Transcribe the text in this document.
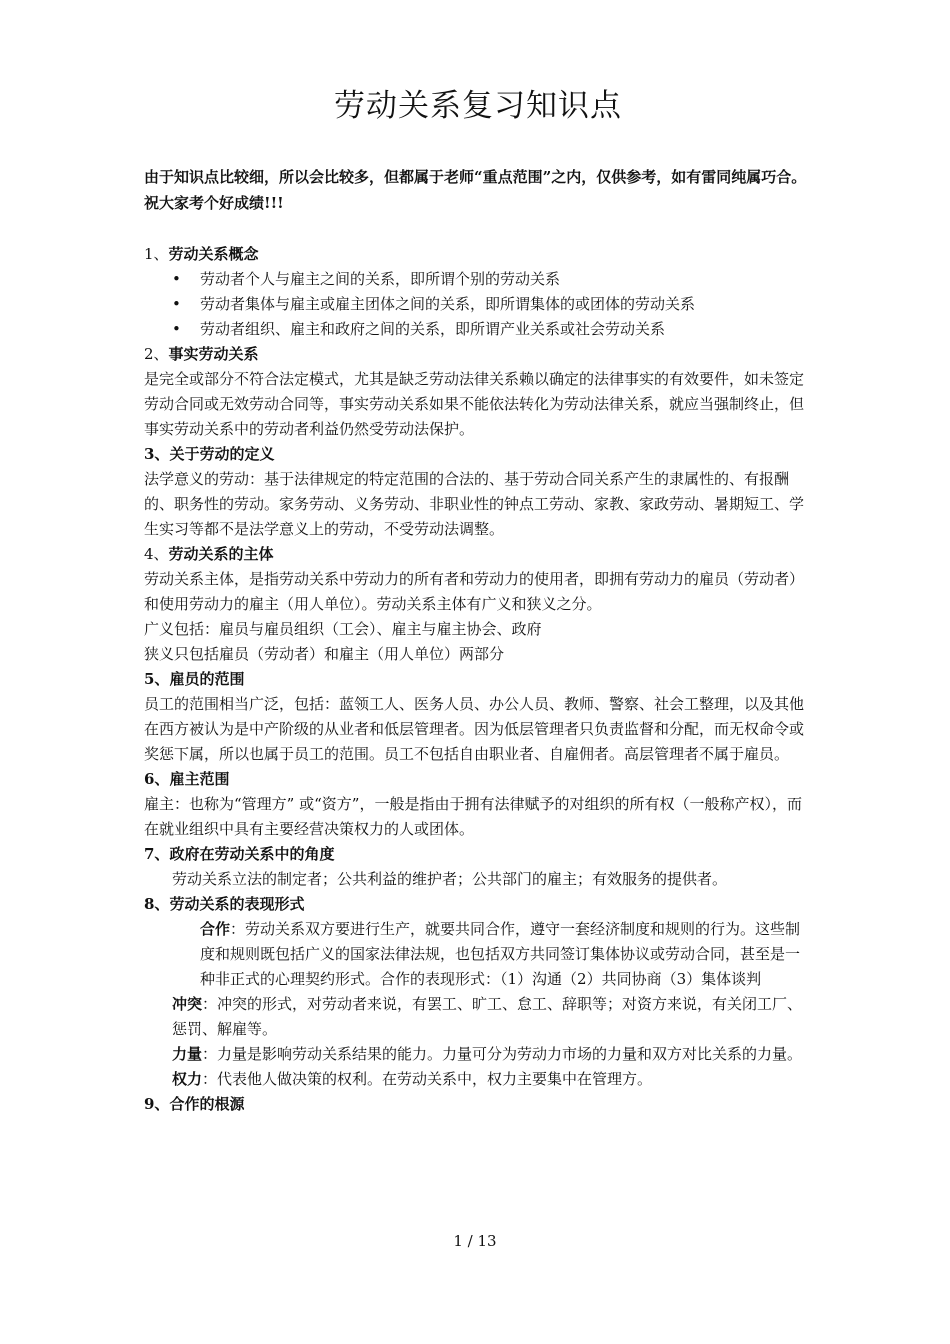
劳动关系复习知识点

由于知识点比较细，所以会比较多，但都属于老师“重点范围”之内，仅供参考，如有雷同纯属巧合。祝大家考个好成绩!!!

1、劳动关系概念

• 劳动者个人与雇主之间的关系，即所谓个别的劳动关系
• 劳动者集体与雇主或雇主团体之间的关系，即所谓集体的或团体的劳动关系
• 劳动者组织、雇主和政府之间的关系，即所谓产业关系或社会劳动关系

2、事实劳动关系

是完全或部分不符合法定模式，尤其是缺乏劳动法律关系赖以确定的法律事实的有效要件，如未签定劳动合同或无效劳动合同等，事实劳动关系如果不能依法转化为劳动法律关系，就应当强制终止，但事实劳动关系中的劳动者利益仍然受劳动法保护。

3、关于劳动的定义

法学意义的劳动：基于法律规定的特定范围的合法的、基于劳动合同关系产生的隶属性的、有报酬的、职务性的劳动。家务劳动、义务劳动、非职业性的钟点工劳动、家教、家政劳动、暑期短工、学生实习等都不是法学意义上的劳动，不受劳动法调整。

4、劳动关系的主体

劳动关系主体，是指劳动关系中劳动力的所有者和劳动力的使用者，即拥有劳动力的雇员（劳动者）和使用劳动力的雇主（用人单位）。劳动关系主体有广义和狭义之分。

广义包括：雇员与雇员组织（工会）、雇主与雇主协会、政府

狭义只包括雇员（劳动者）和雇主（用人单位）两部分

5、雇员的范围

员工的范围相当广泛，包括：蓝领工人、医务人员、办公人员、教师、警察、社会工整理，以及其他在西方被认为是中产阶级的从业者和低层管理者。因为低层管理者只负责监督和分配，而无权命令或奖惩下属，所以也属于员工的范围。员工不包括自由职业者、自雇佣者。高层管理者不属于雇员。

6、雇主范围

雇主：也称为“管理方” 或“资方”，一般是指由于拥有法律赋予的对组织的所有权（一般称产权），而在就业组织中具有主要经营决策权力的人或团体。

7、政府在劳动关系中的角度

劳动关系立法的制定者；公共利益的维护者；公共部门的雇主；有效服务的提供者。

8、劳动关系的表现形式

合作：劳动关系双方要进行生产，就要共同合作，遵守一套经济制度和规则的行为。这些制度和规则既包括广义的国家法律法规，也包括双方共同签订集体协议或劳动合同，甚至是一种非正式的心理契约形式。合作的表现形式：（1）沟通（2）共同协商（3）集体谈判

冲突：冲突的形式，对劳动者来说，有罢工、旷工、怠工、辞职等；对资方来说，有关闭工厂、惩罚、解雇等。

力量：力量是影响劳动关系结果的能力。力量可分为劳动力市场的力量和双方对比关系的力量。

权力：代表他人做决策的权利。在劳动关系中，权力主要集中在管理方。

9、合作的根源

1 / 13
